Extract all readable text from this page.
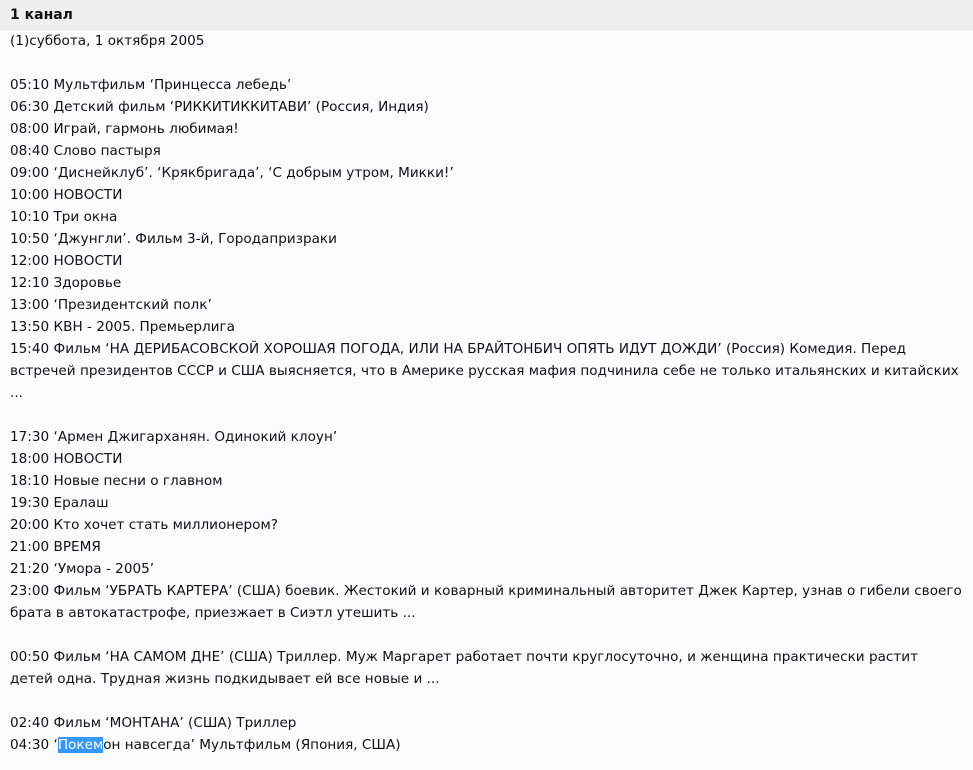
1 канал
(1)суббота, 1 октября 2005
05:10 Мультфильм ‘Принцесса лебедь’
06:30 Детский фильм ‘РИККИТИККИТАВИ’ (Россия, Индия)
08:00 Играй, гармонь любимая!
08:40 Слово пастыря
09:00 ‘Диснейклуб’. ‘Крякбригада’, ‘С добрым утром, Микки!’
10:00 НОВОСТИ
10:10 Три окна
10:50 ‘Джунгли’. Фильм 3-й, Городапризраки
12:00 НОВОСТИ
12:10 Здоровье
13:00 ‘Президентский полк’
13:50 КВН - 2005. Премьерлига
15:40 Фильм ‘НА ДЕРИБАСОВСКОЙ ХОРОШАЯ ПОГОДА, ИЛИ НА БРАЙТОНБИЧ ОПЯТЬ ИДУТ ДОЖДИ’ (Россия) Комедия. Перед встречей президентов СССР и США выясняется, что в Америке русская мафия подчинила себе не только итальянских и китайских ...
17:30 ‘Армен Джигарханян. Одинокий клоун’
18:00 НОВОСТИ
18:10 Новые песни о главном
19:30 Ералаш
20:00 Кто хочет стать миллионером?
21:00 ВРЕМЯ
21:20 ‘Умора - 2005’
23:00 Фильм ‘УБРАТЬ КАРТЕРА’ (США) боевик. Жестокий и коварный криминальный авторитет Джек Картер, узнав о гибели своего брата в автокатастрофе, приезжает в Сиэтл утешить ...
00:50 Фильм ‘НА САМОМ ДНЕ’ (США) Триллер. Муж Маргарет работает почти круглосуточно, и женщина практически растит детей одна. Трудная жизнь подкидывает ей все новые и ...
02:40 Фильм ‘МОНТАНА’ (США) Триллер
04:30 ‘Покемон навсегда’ Мультфильм (Япония, США)
